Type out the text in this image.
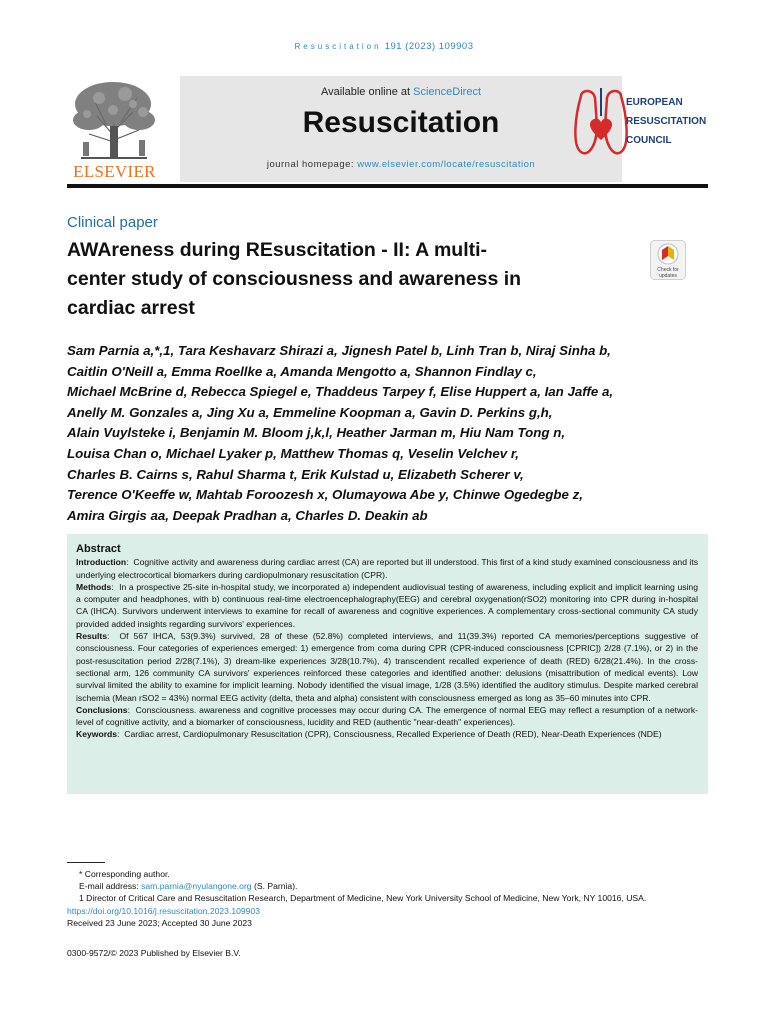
Resuscitation 191 (2023) 109903
ELSEVIER
Available online at ScienceDirect
Resuscitation
journal homepage: www.elsevier.com/locate/resuscitation
EUROPEAN
RESUSCITATION
COUNCIL
Clinical paper
AWAreness during REsuscitation - II: A multi-
center study of consciousness and awareness in
cardiac arrest
Check for
updates
Sam Parnia a,*,1, Tara Keshavarz Shirazi a, Jignesh Patel b, Linh Tran b, Niraj Sinha b,
Caitlin O'Neill a, Emma Roellke a, Amanda Mengotto a, Shannon Findlay c,
Michael McBrine d, Rebecca Spiegel e, Thaddeus Tarpey f, Elise Huppert a, Ian Jaffe a,
Anelly M. Gonzales a, Jing Xu a, Emmeline Koopman a, Gavin D. Perkins g,h,
Alain Vuylsteke i, Benjamin M. Bloom j,k,l, Heather Jarman m, Hiu Nam Tong n,
Louisa Chan o, Michael Lyaker p, Matthew Thomas q, Veselin Velchev r,
Charles B. Cairns s, Rahul Sharma t, Erik Kulstad u, Elizabeth Scherer v,
Terence O'Keeffe w, Mahtab Foroozesh x, Olumayowa Abe y, Chinwe Ogedegbe z,
Amira Girgis aa, Deepak Pradhan a, Charles D. Deakin ab
Abstract

Introduction:  Cognitive activity and awareness during cardiac arrest (CA) are reported but ill understood. This first of a kind study examined consciousness and its underlying electrocortical biomarkers during cardiopulmonary resuscitation (CPR).

Methods:  In a prospective 25-site in-hospital study, we incorporated a) independent audiovisual testing of awareness, including explicit and implicit learning using a computer and headphones, with b) continuous real-time electroencephalography(EEG) and cerebral oxygenation(rSO2) monitoring into CPR during in-hospital CA (IHCA). Survivors underwent interviews to examine for recall of awareness and cognitive experiences. A complementary cross-sectional community CA study provided added insights regarding survivors' experiences.

Results:  Of 567 IHCA, 53(9.3%) survived, 28 of these (52.8%) completed interviews, and 11(39.3%) reported CA memories/perceptions suggestive of consciousness. Four categories of experiences emerged: 1) emergence from coma during CPR (CPR-induced consciousness [CPRIC]) 2/28 (7.1%), or 2) in the post-resuscitation period 2/28(7.1%), 3) dream-like experiences 3/28(10.7%), 4) transcendent recalled experience of death (RED) 6/28(21.4%). In the cross-sectional arm, 126 community CA survivors' experiences reinforced these categories and identified another: delusions (misattribution of medical events). Low survival limited the ability to examine for implicit learning. Nobody identified the visual image, 1/28 (3.5%) identified the auditory stimulus. Despite marked cerebral ischemia (Mean rSO2 = 43%) normal EEG activity (delta, theta and alpha) consistent with consciousness emerged as long as 35–60 minutes into CPR.

Conclusions:  Consciousness. awareness and cognitive processes may occur during CA. The emergence of normal EEG may reflect a resumption of a network-level of cognitive activity, and a biomarker of consciousness, lucidity and RED (authentic "near-death" experiences).

Keywords:  Cardiac arrest, Cardiopulmonary Resuscitation (CPR), Consciousness, Recalled Experience of Death (RED), Near-Death Experiences (NDE)

* Corresponding author.
E-mail address: sam.parnia@nyulangone.org (S. Parnia).
1 Director of Critical Care and Resuscitation Research, Department of Medicine, New York University School of Medicine, New York, NY 10016, USA.
https://doi.org/10.1016/j.resuscitation.2023.109903
Received 23 June 2023; Accepted 30 June 2023
0300-9572/© 2023 Published by Elsevier B.V.
